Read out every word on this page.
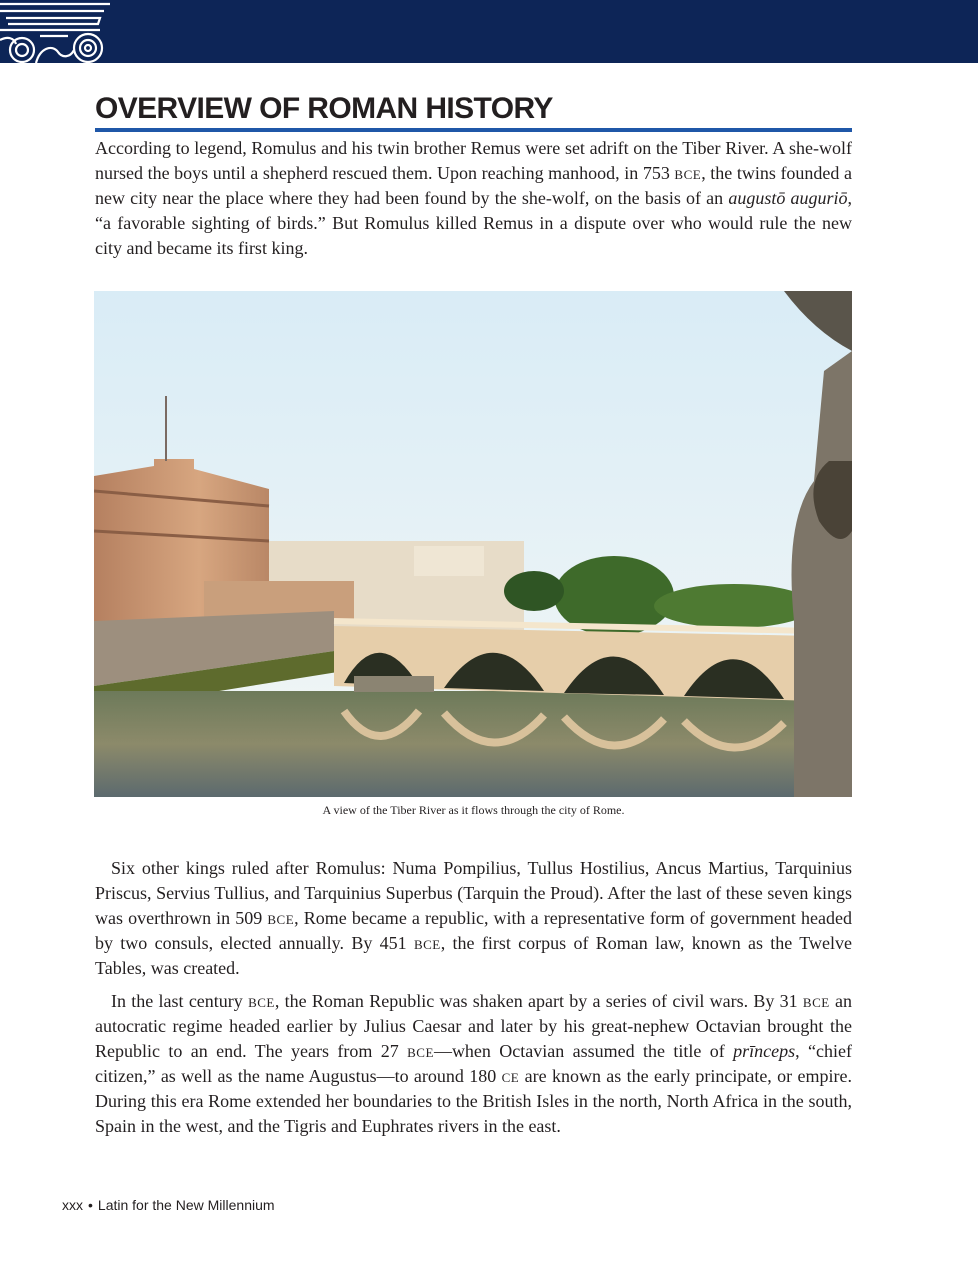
OVERVIEW OF ROMAN HISTORY

According to legend, Romulus and his twin brother Remus were set adrift on the Tiber River. A she-wolf nursed the boys until a shepherd rescued them. Upon reaching manhood, in 753 bce, the twins founded a new city near the place where they had been found by the she-wolf, on the basis of an augustō auguriō, “a favorable sighting of birds.” But Romulus killed Remus in a dispute over who would rule the new city and became its first king.

A view of the Tiber River as it flows through the city of Rome.

Six other kings ruled after Romulus: Numa Pompilius, Tullus Hostilius, Ancus Martius, Tarquinius Priscus, Servius Tullius, and Tarquinius Superbus (Tarquin the Proud). After the last of these seven kings was overthrown in 509 bce, Rome became a republic, with a representative form of government headed by two consuls, elected annually. By 451 bce, the first corpus of Roman law, known as the Twelve Tables, was created.

In the last century bce, the Roman Republic was shaken apart by a series of civil wars. By 31 bce an autocratic regime headed earlier by Julius Caesar and later by his great-nephew Octavian brought the Republic to an end. The years from 27 bce—when Octavian assumed the title of prīnceps, “chief citizen,” as well as the name Augustus—to around 180 ce are known as the early principate, or empire. During this era Rome extended her boundaries to the British Isles in the north, North Africa in the south, Spain in the west, and the Tigris and Euphrates rivers in the east.

xxx • Latin for the New Millennium
